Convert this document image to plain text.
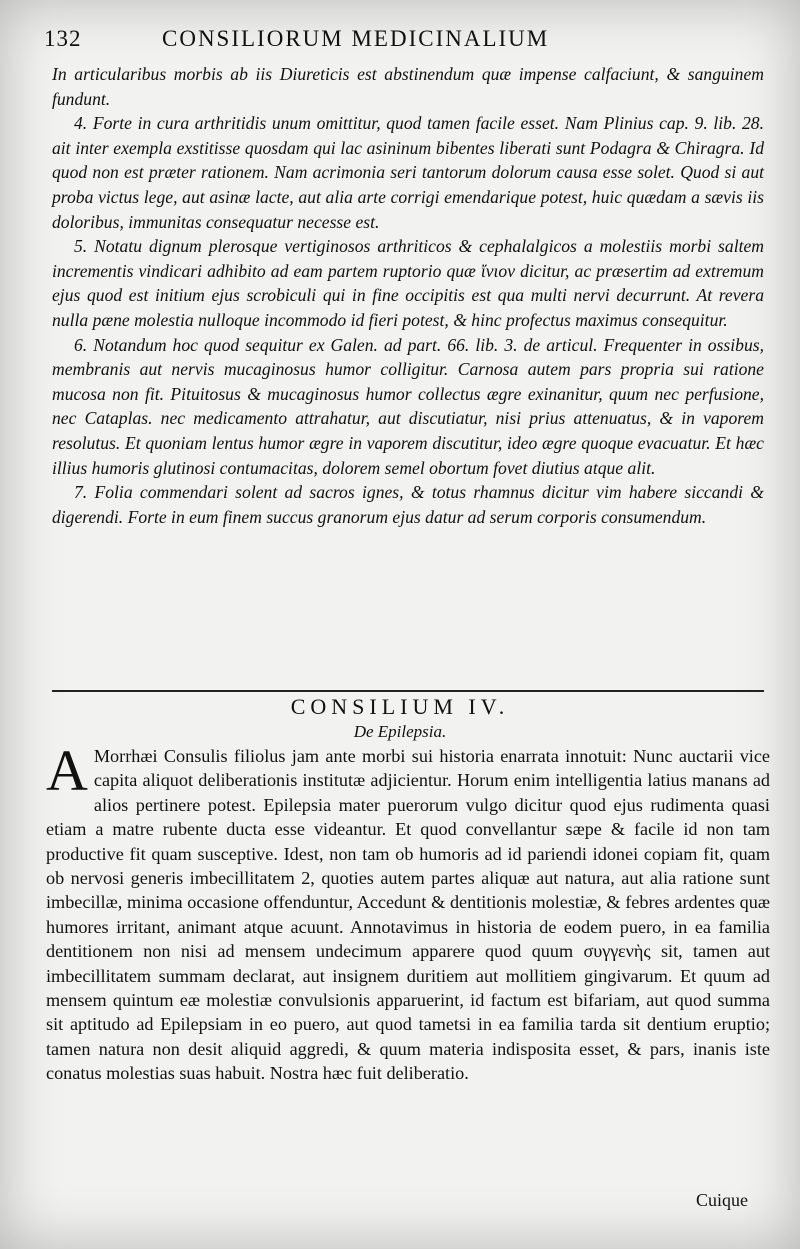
132	CONSILIORUM MEDICINALIUM

In articularibus morbis ab iis Diureticis est abstinendum quæ impense calfaciunt, & sanguinem fundunt.

4. Forte in cura arthritidis unum omittitur, quod tamen facile esset. Nam Plinius cap. 9. lib. 28. ait inter exempla exstitisse quosdam qui lac asininum bibentes liberati sunt Podagra & Chiragra. Id quod non est præter rationem. Nam acrimonia seri tantorum dolorum causa esse solet. Quod si aut proba victus lege, aut asinæ lacte, aut alia arte corrigi emendarique potest, huic quædam a sævis iis doloribus, immunitas consequatur necesse est.

5. Notatu dignum plerosque vertiginosos arthriticos & cephalalgicos a molestiis morbi saltem incrementis vindicari adhibito ad eam partem ruptorio quæ ἴνιον dicitur, ac præsertim ad extremum ejus quod est initium ejus scrobiculi qui in fine occipitis est qua multi nervi decurrunt. At revera nulla pæne molestia nulloque incommodo id fieri potest, & hinc profectus maximus consequitur.

6. Notandum hoc quod sequitur ex Galen. ad part. 66. lib. 3. de articul. Frequenter in ossibus, membranis aut nervis mucaginosus humor colligitur. Carnosa autem pars propria sui ratione mucosa non fit. Pituitosus & mucaginosus humor collectus ægre exinanitur, quum nec perfusione, nec Cataplas. nec medicamento attrahatur, aut discutiatur, nisi prius attenuatus, & in vaporem resolutus. Et quoniam lentus humor ægre in vaporem discutitur, ideo ægre quoque evacuatur. Et hæc illius humoris glutinosi contumacitas, dolorem semel obortum fovet diutius atque alit.

7. Folia commendari solent ad sacros ignes, & totus rhamnus dicitur vim habere siccandi & digerendi. Forte in eum finem succus granorum ejus datur ad serum corporis consumendum.

CONSILIUM IV.
De Epilepsia.
A Morrhæi Consulis filiolus jam ante morbi sui historia enarrata innotuit: Nunc auctarii vice capita aliquot deliberationis institutæ adjicientur. Horum enim intelligentia latius manans ad alios pertinere potest. Epilepsia mater puerorum vulgo dicitur quod ejus rudimenta quasi etiam a matre rubente ducta esse videantur. Et quod convellantur sæpe & facile id non tam productive fit quam susceptive. Idest, non tam ob humoris ad id pariendi idonei copiam fit, quam ob nervosi generis imbecillitatem 2, quoties autem partes aliquæ aut natura, aut alia ratione sunt imbecillæ, minima occasione offenduntur, Accedunt & dentitionis molestiæ, & febres ardentes quæ humores irritant, animant atque acuunt. Annotavimus in historia de eodem puero, in ea familia dentitionem non nisi ad mensem undecimum apparere quod quum συγγενὴς sit, tamen aut imbecillitatem summam declarat, aut insignem duritiem aut mollitiem gingivarum. Et quum ad mensem quintum eæ molestiæ convulsionis apparuerint, id factum est bifariam, aut quod summa sit aptitudo ad Epilepsiam in eo puero, aut quod tametsi in ea familia tarda sit dentium eruptio; tamen natura non desit aliquid aggredi, & quum materia indisposita esset, & pars, inanis iste conatus molestias suas habuit. Nostra hæc fuit deliberatio.
Cuique
